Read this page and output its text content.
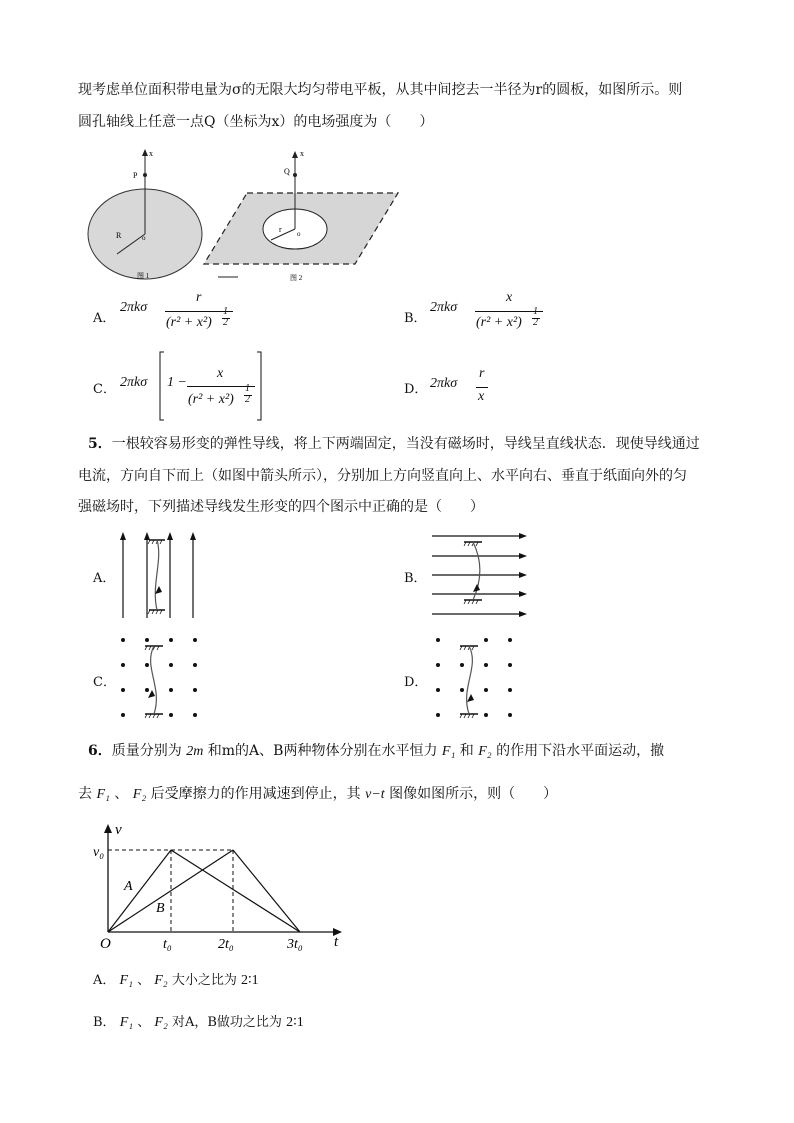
现考虑单位面积带电量为σ的无限大均匀带电平板，从其中间挖去一半径为r的圆板，如图所示。则
圆孔轴线上任意一点Q（坐标为x）的电场强度为（　　）
x
P
R	o
图 1
x
Q
r o
图 2
A．
2πkσ
r
(r² + x²)
1
2	B．
2πkσ
x
(r² + x²)
1
2
C． 2πkσ 1 −
x
(r² + x²)
1
2
D． 2πkσ
r
x
5．一根较容易形变的弹性导线，将上下两端固定，当没有磁场时，导线呈直线状态．现使导线通过
电流，方向自下而上（如图中箭头所示），分别加上方向竖直向上、水平向右、垂直于纸面向外的匀
强磁场时，下列描述导线发生形变的四个图示中正确的是（　　）
A．	B．
C．	D．
6．质量分别为 2m 和m的A、B两种物体分别在水平恒力 F₁ 和 F₂ 的作用下沿水平面运动，撤
去 F₁ 、 F₂ 后受摩擦力的作用减速到停止，其 v−t 图像如图所示，则（　　）
v
t
O
v₀
t₀	2t₀	3t₀
A
B
A． F₁ 、 F₂ 大小之比为 2∶1
B． F₁ 、 F₂ 对A，B做功之比为 2∶1
